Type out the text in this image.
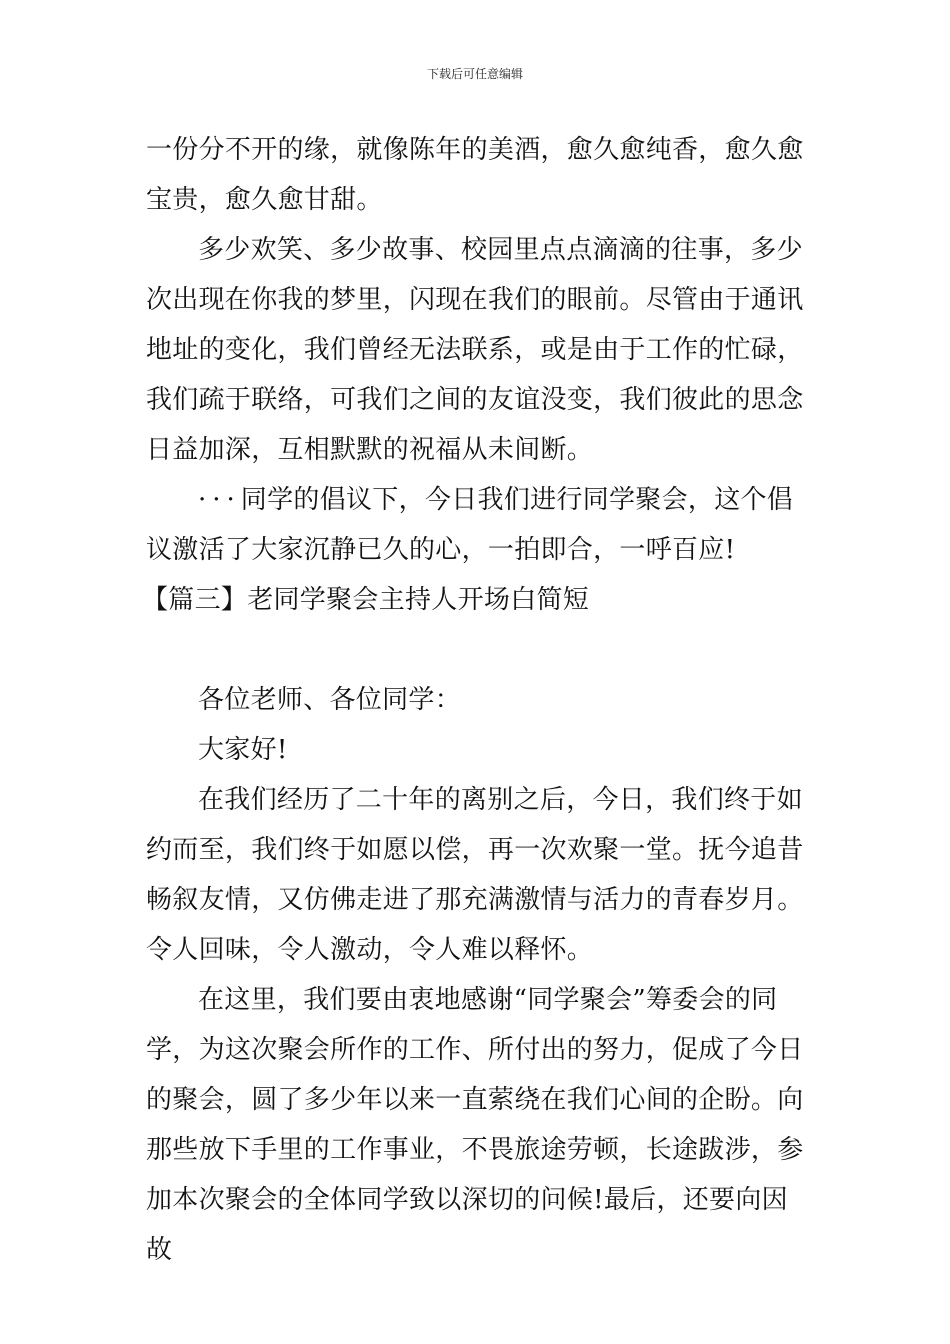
下载后可任意编辑

一份分不开的缘，就像陈年的美酒，愈久愈纯香，愈久愈宝贵，愈久愈甘甜。

多少欢笑、多少故事、校园里点点滴滴的往事，多少次出现在你我的梦里，闪现在我们的眼前。尽管由于通讯地址的变化，我们曾经无法联系，或是由于工作的忙碌，我们疏于联络，可我们之间的友谊没变，我们彼此的思念日益加深，互相默默的祝福从未间断。

···同学的倡议下，今日我们进行同学聚会，这个倡议激活了大家沉静已久的心，一拍即合，一呼百应!

【篇三】老同学聚会主持人开场白简短

各位老师、各位同学：

大家好!

在我们经历了二十年的离别之后，今日，我们终于如约而至，我们终于如愿以偿，再一次欢聚一堂。抚今追昔畅叙友情，又仿佛走进了那充满激情与活力的青春岁月。令人回味，令人激动，令人难以释怀。

在这里，我们要由衷地感谢“同学聚会”筹委会的同学，为这次聚会所作的工作、所付出的努力，促成了今日的聚会，圆了多少年以来一直萦绕在我们心间的企盼。向那些放下手里的工作事业，不畏旅途劳顿，长途跋涉，参加本次聚会的全体同学致以深切的问候!最后，还要向因故
